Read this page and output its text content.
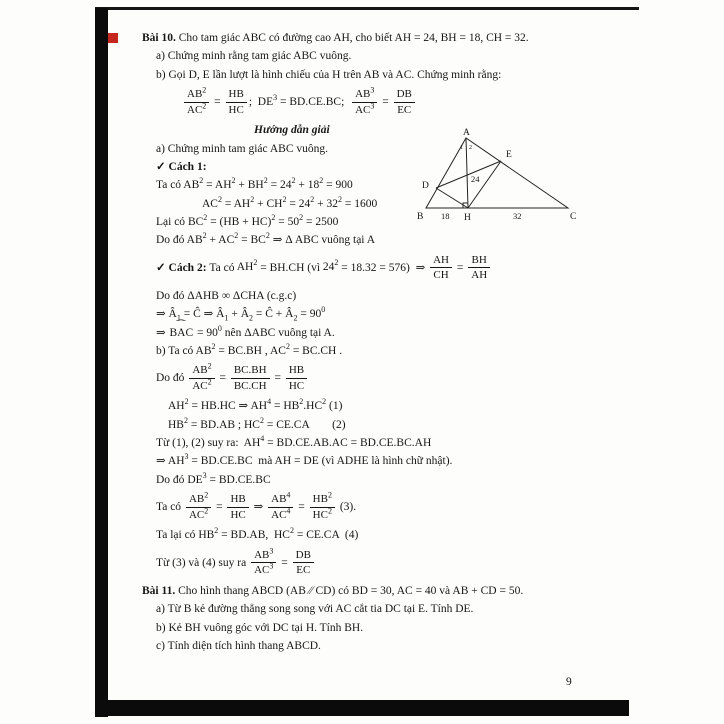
Bài 10. Cho tam giác ABC có đường cao AH, cho biết AH = 24, BH = 18, CH = 32.
a) Chứng minh rằng tam giác ABC vuông.
b) Gọi D, E lần lượt là hình chiếu của H trên AB và AC. Chứng minh rằng:
$\frac{AB^2}{AC^2} = \frac{HB}{HC}$ ;  $DE^3 = BD.CE.BC$; $\frac{AB^3}{AC^3} = \frac{DB}{EC}$
Hướng dẫn giải
a) Chứng minh tam giác ABC vuông.
✓ Cách 1:
Ta có $AB^2 = AH^2 + BH^2 = 24^2 + 18^2 = 900$
$AC^2 = AH^2 + CH^2 = 24^2 + 32^2 = 1600$
Lại có $BC^2 = (HB + HC)^2 = 50^2 = 2500$
Do đó $AB^2 + AC^2 = BC^2$ ⇒ Δ ABC vuông tại A
✓ Cách 2: Ta có $AH^2 = BH.CH$ (vì $24^2 = 18.32 = 576$)  ⇒ $\frac{AH}{CH} = \frac{BH}{AH}$
Do đó ΔAHB ∞ ΔCHA (c.g.c)
⇒ $Â_1$ = Ĉ ⇒ $Â_1$ + $Â_2$ = Ĉ + $Â_2 = 90^0$
⇒ ˆ BAC = $90^0$ nên ΔABC vuông tại A.
b) Ta có $AB^2 = BC.BH$ , $AC^2 = BC.CH$ .
Do đó $\frac{AB^2}{AC^2} = \frac{BC.BH}{BC.CH} = \frac{HB}{HC}$
$AH^2 = HB.HC$ ⇒ $AH^4 = HB^2.HC^2$ (1)
$HB^2 = BD.AB$ ; $HC^2 = CE.CA$        (2)
Từ (1), (2) suy ra:  $AH^4 = BD.CE.AB.AC = BD.CE.BC.AH$
⇒ $AH^3 = BD.CE.BC$  mà AH = DE (vì ADHE là hình chữ nhật).
Do đó $DE^3 = BD.CE.BC$
Ta có $\frac{AB^2}{AC^2} = \frac{HB}{HC}$ ⇒ $\frac{AB^4}{AC^4} = \frac{HB^2}{HC^2} (3)$.
Ta lại có $HB^2 = BD.AB$,  $HC^2 = CE.CA$  (4)
Từ (3) và (4) suy ra $\frac{AB^3}{AC^3} = \frac{DB}{EC}$
Bài 11. Cho hình thang ABCD (AB ∕∕ CD) có BD = 30, AC = 40 và AB + CD = 50.
a) Từ B kẻ đường thẳng song song với AC cắt tia DC tại E. Tính DE.
b) Kẻ BH vuông góc với DC tại H. Tính BH.
c) Tính diện tích hình thang ABCD.
A
E
D
B	H	C
18	32
24
1 2
9
